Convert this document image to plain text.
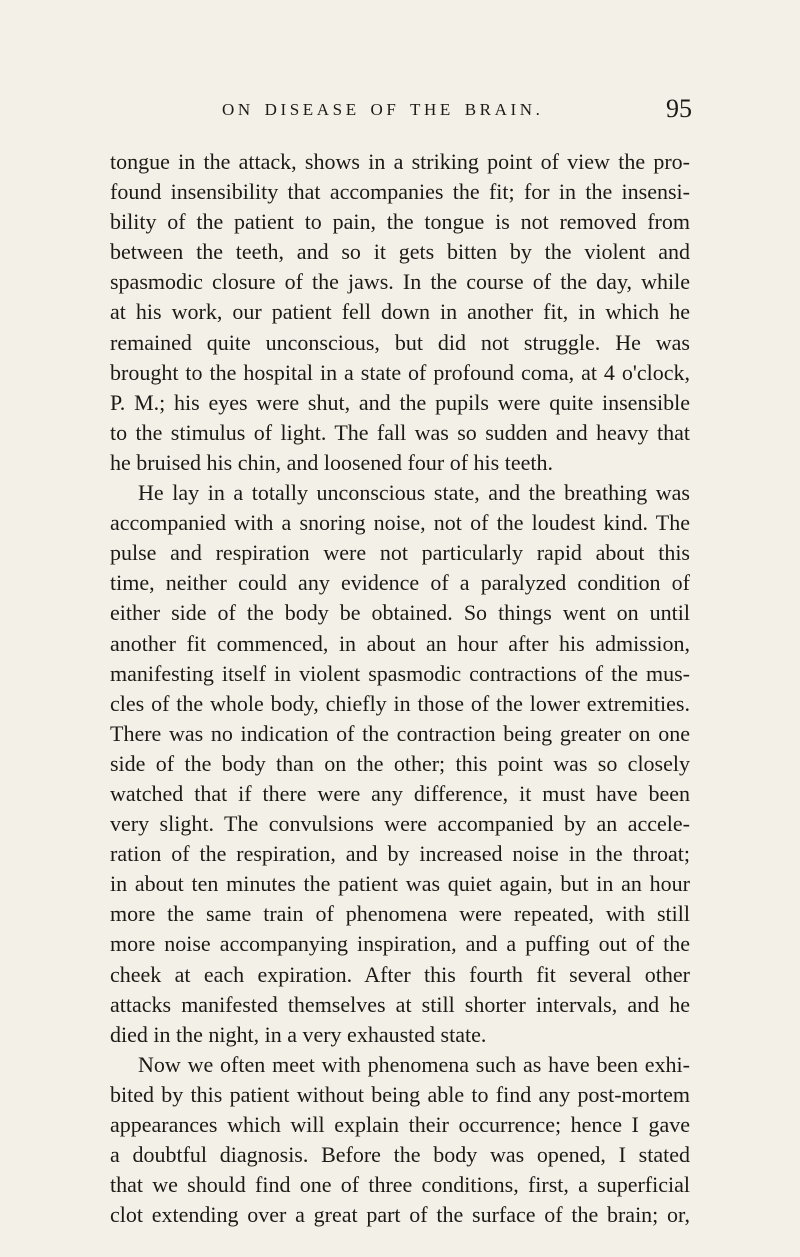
ON DISEASE OF THE BRAIN.	95
tongue in the attack, shows in a striking point of view the pro-
found insensibility that accompanies the fit; for in the insensi-
bility of the patient to pain, the tongue is not removed from
between the teeth, and so it gets bitten by the violent and
spasmodic closure of the jaws. In the course of the day, while
at his work, our patient fell down in another fit, in which he
remained quite unconscious, but did not struggle. He was
brought to the hospital in a state of profound coma, at 4 o'clock,
P. M.; his eyes were shut, and the pupils were quite insensible
to the stimulus of light. The fall was so sudden and heavy that
he bruised his chin, and loosened four of his teeth.
He lay in a totally unconscious state, and the breathing was
accompanied with a snoring noise, not of the loudest kind. The
pulse and respiration were not particularly rapid about this
time, neither could any evidence of a paralyzed condition of
either side of the body be obtained. So things went on until
another fit commenced, in about an hour after his admission,
manifesting itself in violent spasmodic contractions of the mus-
cles of the whole body, chiefly in those of the lower extremities.
There was no indication of the contraction being greater on one
side of the body than on the other; this point was so closely
watched that if there were any difference, it must have been
very slight. The convulsions were accompanied by an accele-
ration of the respiration, and by increased noise in the throat;
in about ten minutes the patient was quiet again, but in an hour
more the same train of phenomena were repeated, with still
more noise accompanying inspiration, and a puffing out of the
cheek at each expiration. After this fourth fit several other
attacks manifested themselves at still shorter intervals, and he
died in the night, in a very exhausted state.
Now we often meet with phenomena such as have been exhi-
bited by this patient without being able to find any post-mortem
appearances which will explain their occurrence; hence I gave
a doubtful diagnosis. Before the body was opened, I stated
that we should find one of three conditions, first, a superficial
clot extending over a great part of the surface of the brain; or,
